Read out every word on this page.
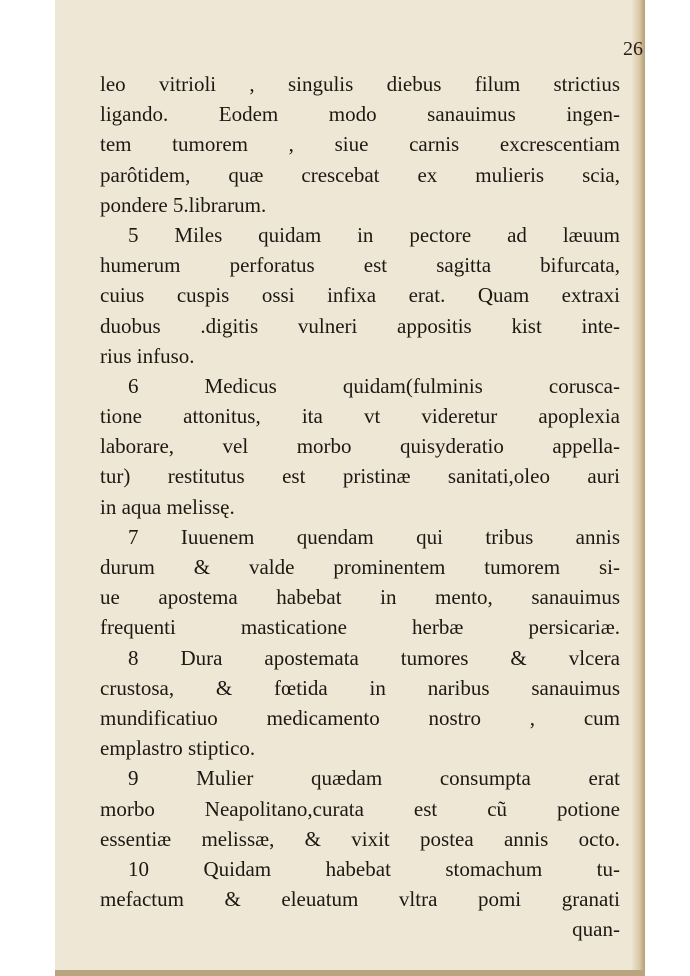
26
leo vitrioli , singulis diebus filum strictius
ligando. Eodem modo sanauimus ingen-
tem tumorem , siue carnis excrescentiam
parôtidem, quæ crescebat ex mulieris scia,
pondere 5.librarum.
5 Miles quidam in pectore ad læuum
humerum perforatus est sagitta bifurcata,
cuius cuspis ossi infixa erat. Quam extraxi
duobus .digitis vulneri appositis kist inte-
rius infuso.
6 Medicus quidam(fulminis coruscа-
tione attonitus, ita vt videretur apoplexia
laborare, vel morbo quisyderatio appella-
tur) restitutus est pristinæ sanitati,oleo auri
in aqua melissę.
7 Iuuenem quendam qui tribus annis
durum & valde prominentem tumorem si-
ue apostema habebat in mento, sanauimus
frequenti masticatione herbæ persicariæ.
8 Dura apostemata tumores & vlcera
crustosa, & fœtida in naribus sanauimus
mundificatiuo medicamento nostro , cum
emplastro stiptico.
9 Mulier quædam consumpta erat
morbo Neapolitano,curata est cũ potione
essentiæ melissæ, & vixit postea annis octo.
10 Quidam habebat stomachum tu-
mefactum & eleuatum vltra pomi granati
quan-
